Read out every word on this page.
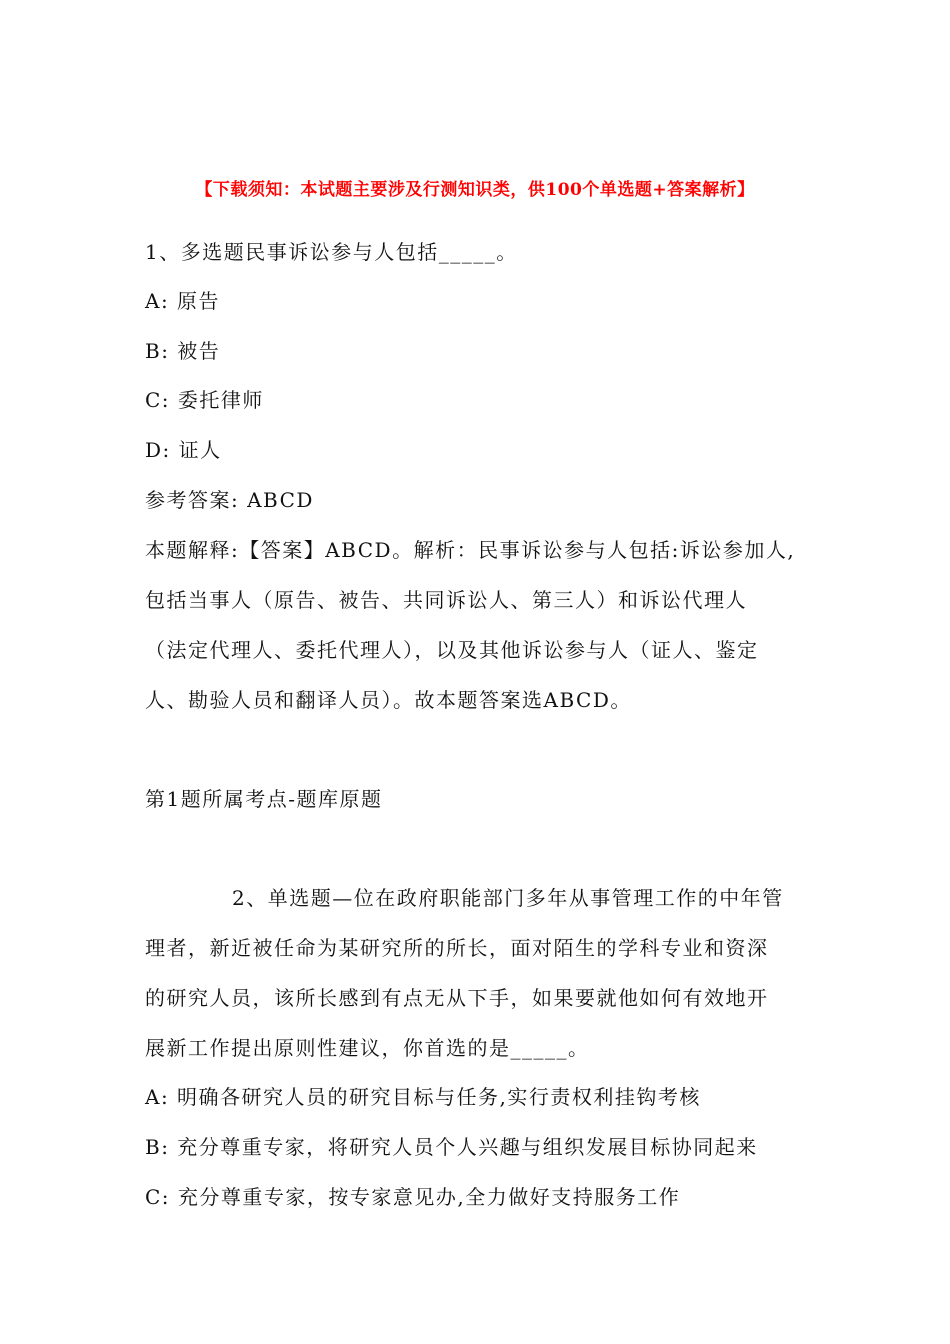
【下载须知：本试题主要涉及行测知识类，供100个单选题+答案解析】
1、多选题民事诉讼参与人包括_____。
A: 原告
B: 被告
C: 委托律师
D: 证人
参考答案: ABCD
本题解释:【答案】ABCD。解析：民事诉讼参与人包括:诉讼参加人,
包括当事人（原告、被告、共同诉讼人、第三人）和诉讼代理人
（法定代理人、委托代理人），以及其他诉讼参与人（证人、鉴定
人、勘验人员和翻译人员）。故本题答案选ABCD。
第1题所属考点-题库原题
2、单选题—位在政府职能部门多年从事管理工作的中年管
理者，新近被任命为某研究所的所长，面对陌生的学科专业和资深
的研究人员，该所长感到有点无从下手，如果要就他如何有效地开
展新工作提出原则性建议，你首选的是_____。
A: 明确各研究人员的研究目标与任务,实行责权利挂钩考核
B: 充分尊重专家，将研究人员个人兴趣与组织发展目标协同起来
C: 充分尊重专家，按专家意见办,全力做好支持服务工作
